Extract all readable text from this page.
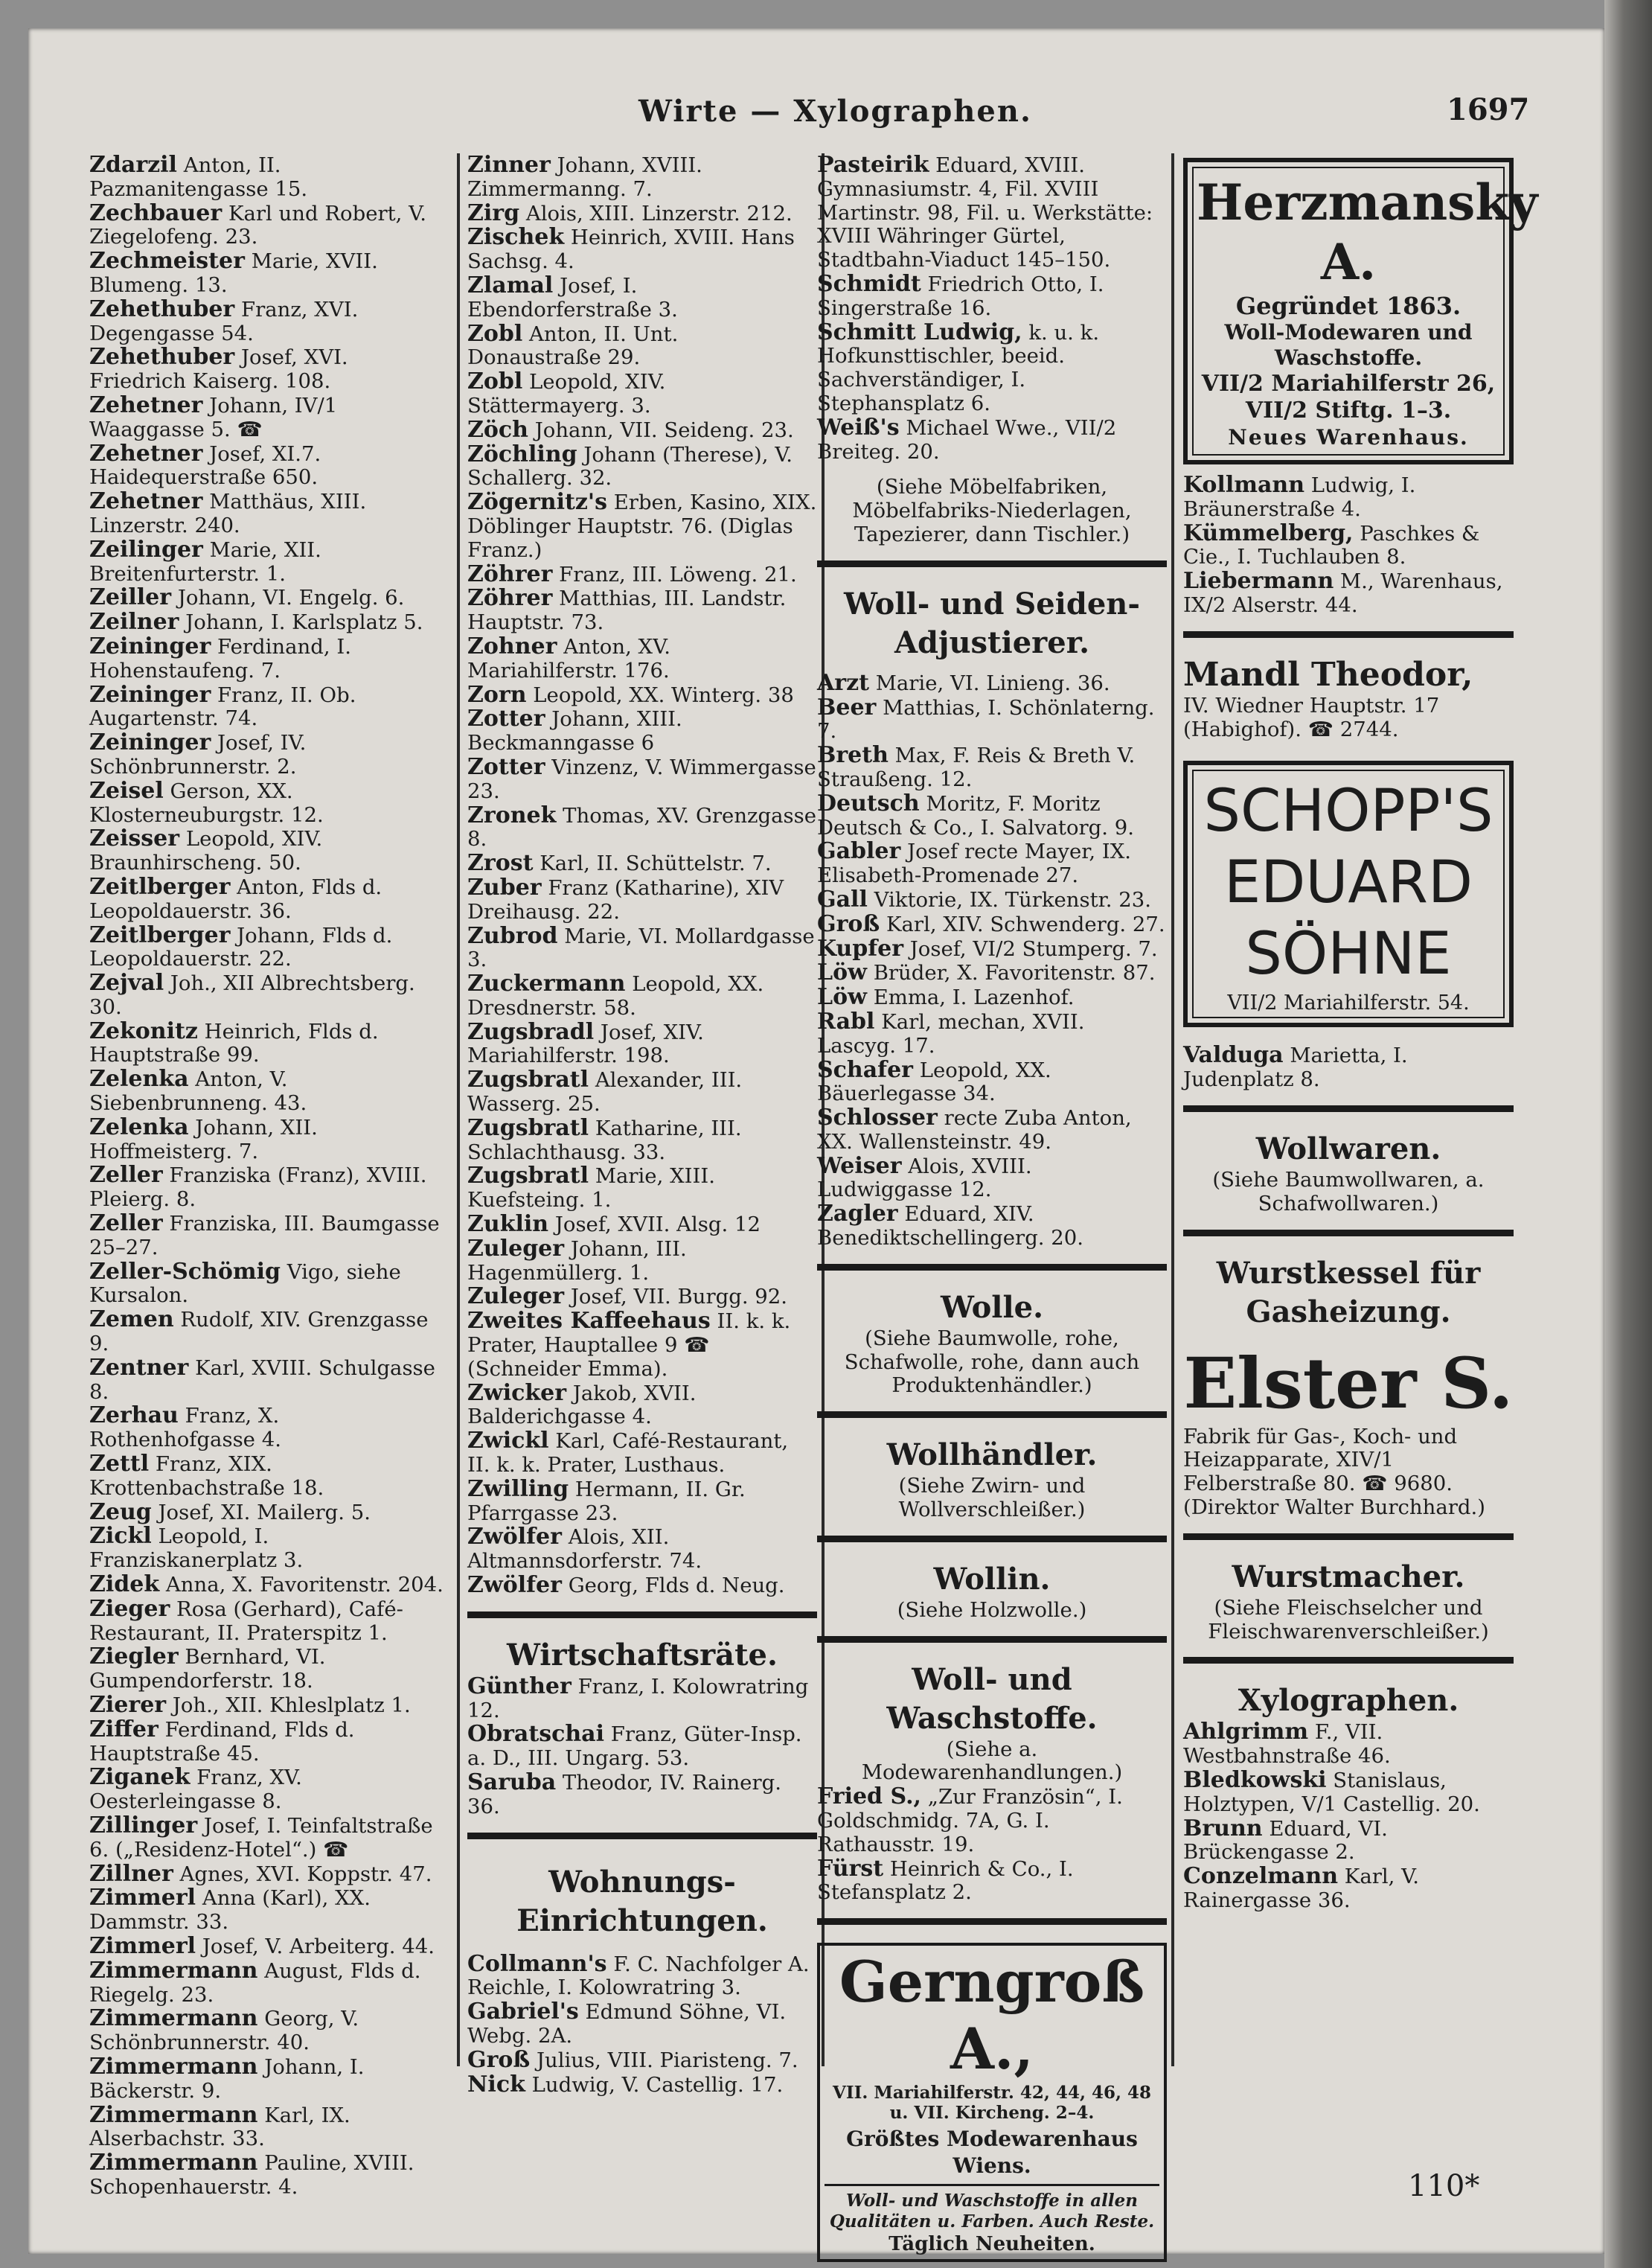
Wirte — Xylographen.	1697

Zdarzil Anton, II. Pazmanitengasse 15.

Zechbauer Karl und Robert, V. Ziegelofeng. 23.

Zechmeister Marie, XVII. Blumeng. 13.

Zehethuber Franz, XVI. Degengasse 54.

Zehethuber Josef, XVI. Friedrich Kaiserg. 108.

Zehetner Johann, IV/1 Waaggasse 5. ☎

Zehetner Josef, XI.7. Haidequerstraße 650.

Zehetner Matthäus, XIII. Linzerstr. 240.

Zeilinger Marie, XII. Breitenfurterstr. 1.

Zeiller Johann, VI. Engelg. 6.

Zeilner Johann, I. Karlsplatz 5.

Zeininger Ferdinand, I. Hohenstaufeng. 7.

Zeininger Franz, II. Ob. Augartenstr. 74.

Zeininger Josef, IV. Schönbrunnerstr. 2.

Zeisel Gerson, XX. Klosterneuburgstr. 12.

Zeisser Leopold, XIV. Braunhirscheng. 50.

Zeitlberger Anton, Flds d. Leopoldauerstr. 36.

Zeitlberger Johann, Flds d. Leopoldauerstr. 22.

Zejval Joh., XII Albrechtsberg. 30.

Zekonitz Heinrich, Flds d. Hauptstraße 99.

Zelenka Anton, V. Siebenbrunneng. 43.

Zelenka Johann, XII. Hoffmeisterg. 7.

Zeller Franziska (Franz), XVIII. Pleierg. 8.

Zeller Franziska, III. Baumgasse 25–27.

Zeller-Schömig Vigo, siehe Kursalon.

Zemen Rudolf, XIV. Grenzgasse 9.

Zentner Karl, XVIII. Schulgasse 8.

Zerhau Franz, X. Rothenhofgasse 4.

Zettl Franz, XIX. Krottenbachstraße 18.

Zeug Josef, XI. Mailerg. 5.

Zickl Leopold, I. Franziskanerplatz 3.

Zidek Anna, X. Favoritenstr. 204.

Zieger Rosa (Gerhard), Café-Restaurant, II. Praterspitz 1.

Ziegler Bernhard, VI. Gumpendorferstr. 18.

Zierer Joh., XII. Khleslplatz 1.

Ziffer Ferdinand, Flds d. Hauptstraße 45.

Ziganek Franz, XV. Oesterleingasse 8.

Zillinger Josef, I. Teinfaltstraße 6. („Residenz-Hotel“.) ☎

Zillner Agnes, XVI. Koppstr. 47.

Zimmerl Anna (Karl), XX. Dammstr. 33.

Zimmerl Josef, V. Arbeiterg. 44.

Zimmermann August, Flds d. Riegelg. 23.

Zimmermann Georg, V. Schönbrunnerstr. 40.

Zimmermann Johann, I. Bäckerstr. 9.

Zimmermann Karl, IX. Alserbachstr. 33.

Zimmermann Pauline, XVIII. Schopenhauerstr. 4.

Zinner Johann, XVIII. Zimmermanng. 7.

Zirg Alois, XIII. Linzerstr. 212.

Zischek Heinrich, XVIII. Hans Sachsg. 4.

Zlamal Josef, I. Ebendorferstraße 3.

Zobl Anton, II. Unt. Donaustraße 29.

Zobl Leopold, XIV. Stättermayerg. 3.

Zöch Johann, VII. Seideng. 23.

Zöchling Johann (Therese), V. Schallerg. 32.

Zögernitz's Erben, Kasino, XIX. Döblinger Hauptstr. 76. (Diglas Franz.)

Zöhrer Franz, III. Löweng. 21.

Zöhrer Matthias, III. Landstr. Hauptstr. 73.

Zohner Anton, XV. Mariahilferstr. 176.

Zorn Leopold, XX. Winterg. 38

Zotter Johann, XIII. Beckmanngasse 6

Zotter Vinzenz, V. Wimmergasse 23.

Zronek Thomas, XV. Grenzgasse 8.

Zrost Karl, II. Schüttelstr. 7.

Zuber Franz (Katharine), XIV Dreihausg. 22.

Zubrod Marie, VI. Mollardgasse 3.

Zuckermann Leopold, XX. Dresdnerstr. 58.

Zugsbradl Josef, XIV. Mariahilferstr. 198.

Zugsbratl Alexander, III. Wasserg. 25.

Zugsbratl Katharine, III. Schlachthausg. 33.

Zugsbratl Marie, XIII. Kuefsteing. 1.

Zuklin Josef, XVII. Alsg. 12

Zuleger Johann, III. Hagenmüllerg. 1.

Zuleger Josef, VII. Burgg. 92.

Zweites Kaffeehaus II. k. k. Prater, Hauptallee 9 ☎ (Schneider Emma).

Zwicker Jakob, XVII. Balderichgasse 4.

Zwickl Karl, Café-Restaurant, II. k. k. Prater, Lusthaus.

Zwilling Hermann, II. Gr. Pfarrgasse 23.

Zwölfer Alois, XII. Altmannsdorferstr. 74.

Zwölfer Georg, Flds d. Neug.

Wirtschaftsräte.

Günther Franz, I. Kolowratring 12.

Obratschai Franz, Güter-Insp. a. D., III. Ungarg. 53.

Saruba Theodor, IV. Rainerg. 36.

Wohnungs-Einrichtungen.

Collmann's F. C. Nachfolger A. Reichle, I. Kolowratring 3.

Gabriel's Edmund Söhne, VI. Webg. 2A.

Groß Julius, VIII. Piaristeng. 7.

Nick Ludwig, V. Castellig. 17.

Pasteirik Eduard, XVIII. Gymnasiumstr. 4, Fil. XVIII Martinstr. 98, Fil. u. Werkstätte: XVIII Währinger Gürtel, Stadtbahn-Viaduct 145–150.

Schmidt Friedrich Otto, I. Singerstraße 16.

Schmitt Ludwig, k. u. k. Hofkunsttischler, beeid. Sachverständiger, I. Stephansplatz 6.

Weiß's Michael Wwe., VII/2 Breiteg. 20.

(Siehe Möbelfabriken, Möbelfabriks-Niederlagen, Tapezierer, dann Tischler.)
Woll- und Seiden-Adjustierer.

Arzt Marie, VI. Linieng. 36.

Beer Matthias, I. Schönlaterng. 7.

Breth Max, F. Reis & Breth V. Straußeng. 12.

Deutsch Moritz, F. Moritz Deutsch & Co., I. Salvatorg. 9.

Gabler Josef recte Mayer, IX. Elisabeth-Promenade 27.

Gall Viktorie, IX. Türkenstr. 23.

Groß Karl, XIV. Schwenderg. 27.

Kupfer Josef, VI/2 Stumperg. 7.

Löw Brüder, X. Favoritenstr. 87.

Löw Emma, I. Lazenhof.

Rabl Karl, mechan, XVII. Lascyg. 17.

Schafer Leopold, XX. Bäuerlegasse 34.

Schlosser recte Zuba Anton, XX. Wallensteinstr. 49.

Weiser Alois, XVIII. Ludwiggasse 12.

Zagler Eduard, XIV. Benediktschellingerg. 20.

Wolle.
(Siehe Baumwolle, rohe, Schafwolle, rohe, dann auch Produktenhändler.)
Wollhändler.
(Siehe Zwirn- und Wollverschleißer.)
Wollin.
(Siehe Holzwolle.)
Woll- und Waschstoffe.
(Siehe a. Modewarenhandlungen.)

Fried S., „Zur Französin“, I. Goldschmidg. 7A, G. I. Rathausstr. 19.

Fürst Heinrich & Co., I. Stefansplatz 2.

Gerngroß A.,
VII. Mariahilferstr. 42, 44, 46, 48 u. VII. Kircheng. 2–4.
Größtes Modewarenhaus Wiens.
Woll- und Waschstoffe in allen Qualitäten u. Farben. Auch Reste.
Täglich Neuheiten.
Herzmansky A.
Gegründet 1863.
Woll-Modewaren und Waschstoffe.
VII/2 Mariahilferstr 26,
VII/2 Stiftg. 1–3.
Neues Warenhaus.

Kollmann Ludwig, I. Bräunerstraße 4.

Kümmelberg, Paschkes & Cie., I. Tuchlauben 8.

Liebermann M., Warenhaus, IX/2 Alserstr. 44.

Mandl Theodor,
IV. Wiedner Hauptstr. 17 (Habighof). ☎ 2744.
SCHOPP'S
EDUARD
SÖHNE
VII/2 Mariahilferstr. 54.
Valduga Marietta, I. Judenplatz 8.
Wollwaren.
(Siehe Baumwollwaren, a. Schafwollwaren.)
Wurstkessel für Gasheizung.
Elster S.
Fabrik für Gas-, Koch- und Heizapparate, XIV/1 Felberstraße 80. ☎ 9680. (Direktor Walter Burchhard.)
Wurstmacher.
(Siehe Fleischselcher und Fleischwarenverschleißer.)
Xylographen.

Ahlgrimm F., VII. Westbahnstraße 46.

Bledkowski Stanislaus, Holztypen, V/1 Castellig. 20.

Brunn Eduard, VI. Brückengasse 2.

Conzelmann Karl, V. Rainergasse 36.

110*
